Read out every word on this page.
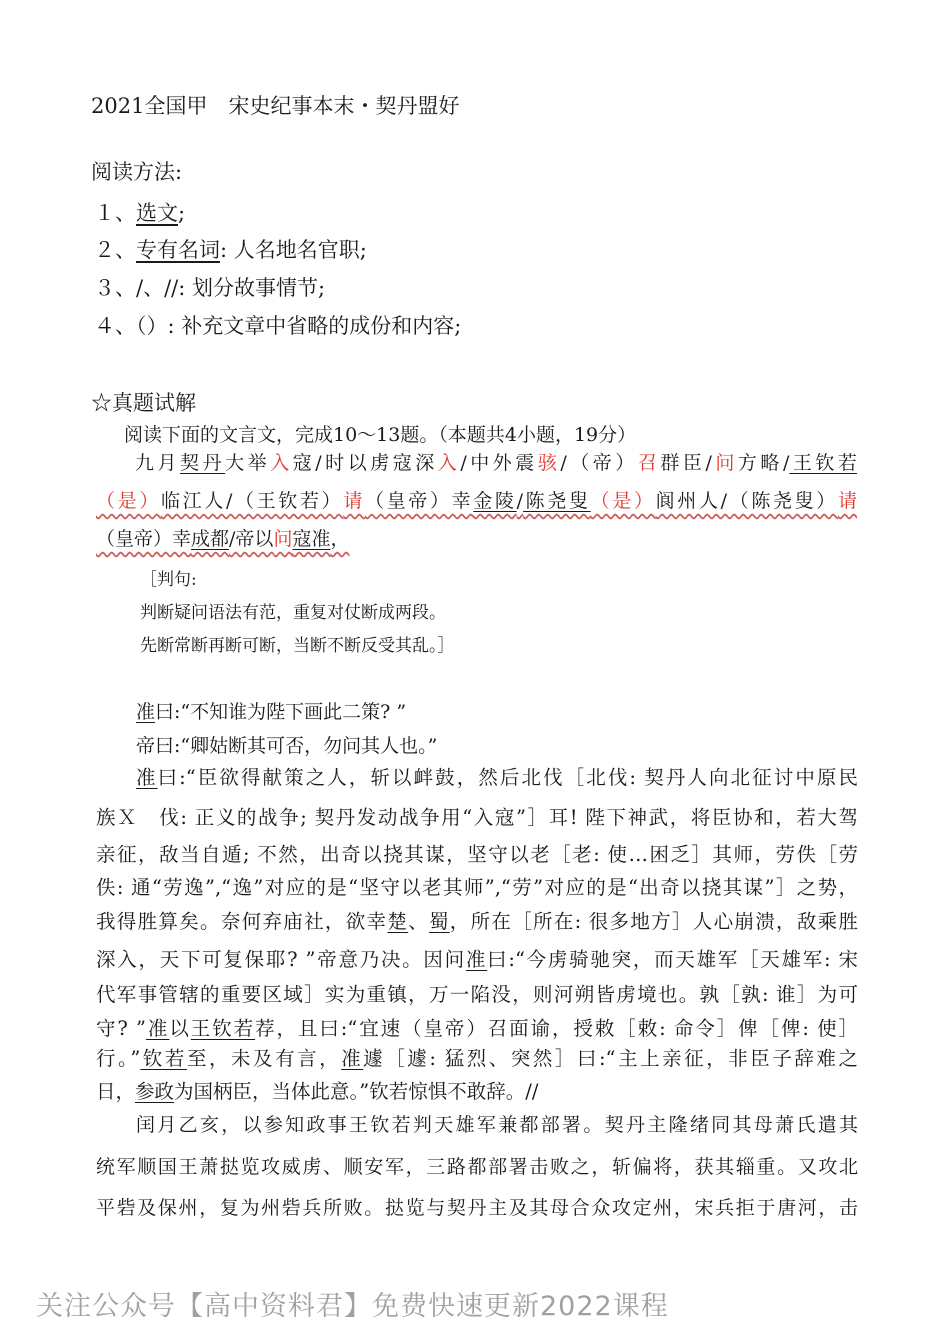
2021全国甲　宋史纪事本末・契丹盟好
阅读方法:
１、选文;
２、专有名词: 人名地名官职;
３、/、//: 划分故事情节;
４、（）: 补充文章中省略的成份和内容;
☆真题试解
阅读下面的文言文，完成10～13题。（本题共4小题，19分）
九月契丹大举入寇/时以虏寇深入/中外震骇/（帝）召群臣/问方略/王钦若
（是）临江人/（王钦若）请（皇帝）幸金陵/陈尧叟（是）阆州人/（陈尧叟）请
（皇帝）幸成都/帝以问寇准，
［判句:
判断疑问语法有范，重复对仗断成两段。
先断常断再断可断，当断不断反受其乱。］
准曰:“不知谁为陛下画此二策? ”
帝曰:“卿姑断其可否，勿问其人也。”
准曰:“臣欲得献策之人，斩以衅鼓，然后北伐［北伐: 契丹人向北征讨中原民
族Ｘ　伐: 正义的战争; 契丹发动战争用“入寇”］耳! 陛下神武，将臣协和，若大驾
亲征，敌当自遁; 不然，出奇以挠其谋，坚守以老［老: 使…困乏］其师，劳佚［劳
佚: 通“劳逸”,“逸”对应的是“坚守以老其师”,“劳”对应的是“出奇以挠其谋”］之势，
我得胜算矣。奈何弃庙社，欲幸楚、蜀，所在［所在: 很多地方］人心崩溃，敌乘胜
深入，天下可复保耶? ”帝意乃决。因问准曰:“今虏骑驰突，而天雄军［天雄军: 宋
代军事管辖的重要区域］实为重镇，万一陷没，则河朔皆虏境也。孰［孰: 谁］为可
守? ”准以王钦若荐，且曰:“宜速（皇帝）召面谕，授敕［敕: 命令］俾［俾: 使］
行。”钦若至，未及有言，准遽［遽: 猛烈、突然］曰:“主上亲征，非臣子辞难之
日，参政为国柄臣，当体此意。”钦若惊惧不敢辞。//
闰月乙亥，以参知政事王钦若判天雄军兼都部署。契丹主隆绪同其母萧氏遣其
统军顺国王萧挞览攻威虏、顺安军，三路都部署击败之，斩偏将，获其辎重。又攻北
平砦及保州，复为州砦兵所败。挞览与契丹主及其母合众攻定州，宋兵拒于唐河，击
关注公众号【高中资料君】免费快速更新2022课程
